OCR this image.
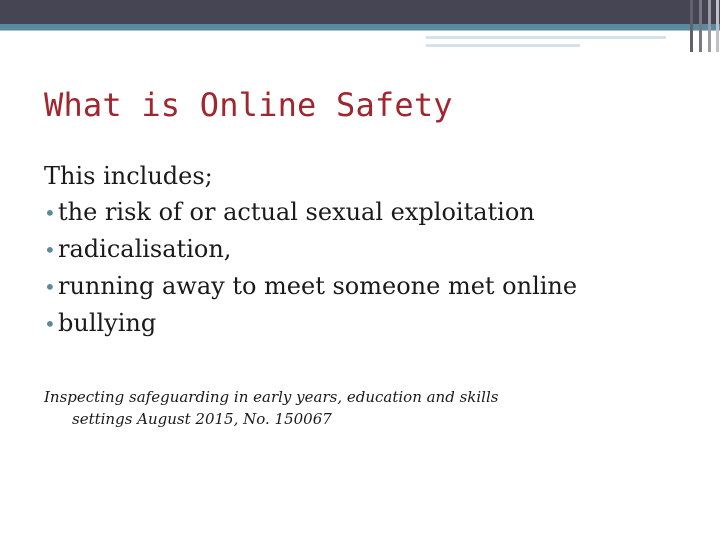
What is Online Safety
This includes;
•the risk of or actual sexual exploitation
•radicalisation,
•running away to meet someone met online
•bullying
Inspecting safeguarding in early years, education and skills
settings August 2015, No. 150067
